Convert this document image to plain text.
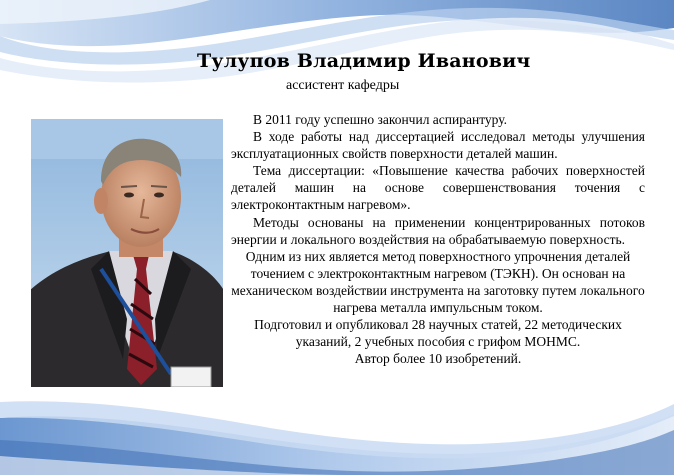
Тулупов Владимир Иванович
ассистент кафедры

В 2011 году успешно закончил аспирантуру.

В ходе работы над диссертацией исследовал методы улучшения эксплуатационных свойств поверхности деталей машин.

Тема диссертации: «Повышение качества рабочих поверхностей деталей машин на основе совершенствования точения с электроконтактным нагревом».

Методы основаны на применении концентрированных потоков энергии и локального воздействия на обрабатываемую поверхность.

Одним из них является метод поверхностного упрочнения деталей точением с электроконтактным нагревом (ТЭКН). Он основан на механическом воздействии инструмента на заготовку путем локального нагрева металла импульсным током.

Подготовил и опубликовал 28 научных статей, 22 методических указаний, 2 учебных пособия с грифом МОНМС.

Автор более 10 изобретений.
